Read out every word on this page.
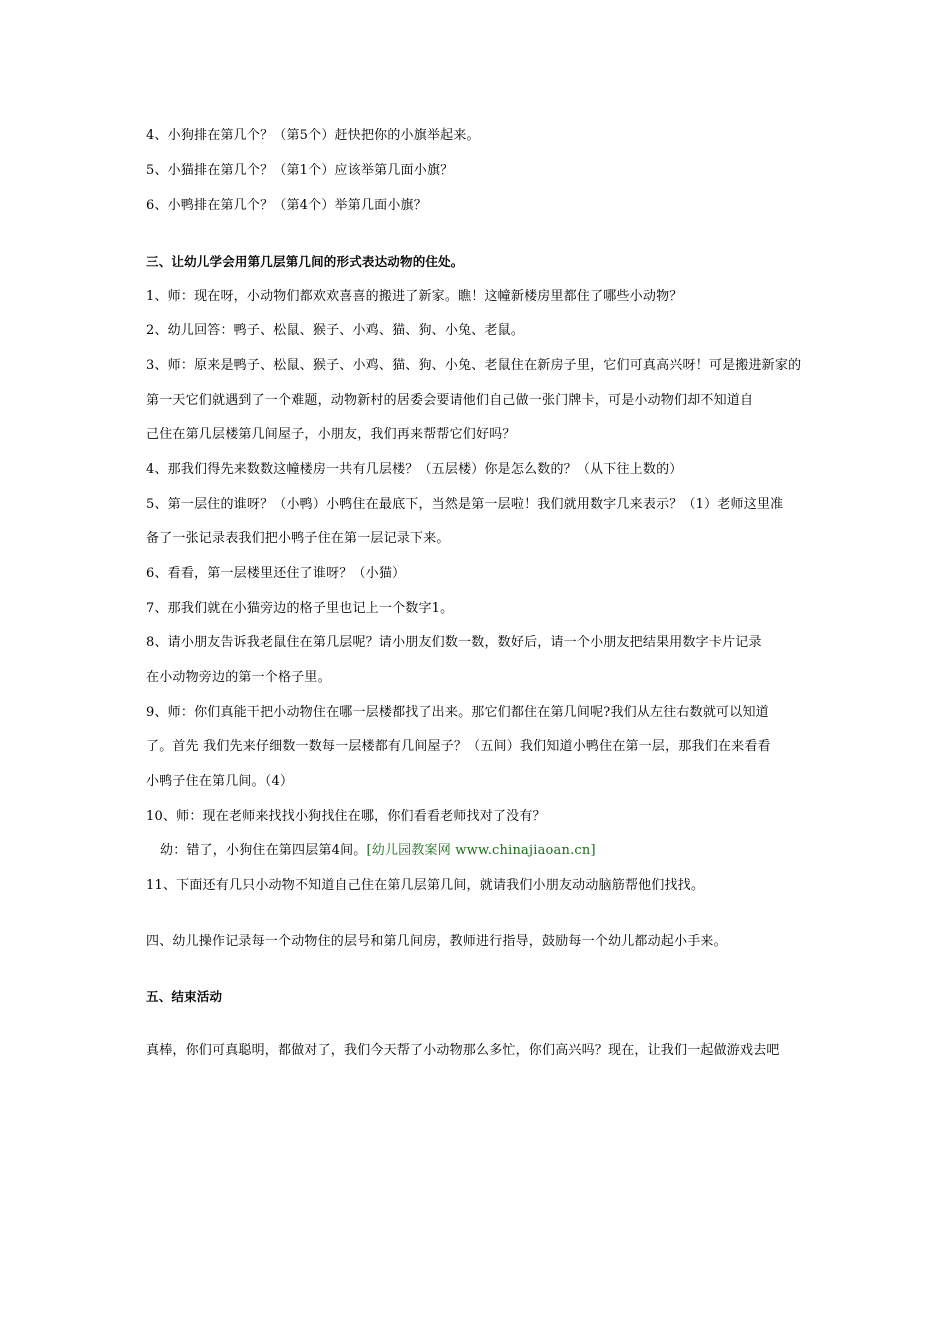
4、小狗排在第几个？（第5个）赶快把你的小旗举起来。
5、小猫排在第几个？（第1个）应该举第几面小旗？
6、小鸭排在第几个？（第4个）举第几面小旗？
三、让幼儿学会用第几层第几间的形式表达动物的住处。
1、师：现在呀，小动物们都欢欢喜喜的搬进了新家。瞧！这幢新楼房里都住了哪些小动物？
2、幼儿回答：鸭子、松鼠、猴子、小鸡、猫、狗、小兔、老鼠。
3、师：原来是鸭子、松鼠、猴子、小鸡、猫、狗、小兔、老鼠住在新房子里，它们可真高兴呀！可是搬进新家的
第一天它们就遇到了一个难题，动物新村的居委会要请他们自己做一张门牌卡，可是小动物们却不知道自
己住在第几层楼第几间屋子，小朋友，我们再来帮帮它们好吗？
4、那我们得先来数数这幢楼房一共有几层楼？（五层楼）你是怎么数的？（从下往上数的）
5、第一层住的谁呀？（小鸭）小鸭住在最底下，当然是第一层啦！我们就用数字几来表示？（1）老师这里准
备了一张记录表我们把小鸭子住在第一层记录下来。
6、看看，第一层楼里还住了谁呀？（小猫）
7、那我们就在小猫旁边的格子里也记上一个数字1。
8、请小朋友告诉我老鼠住在第几层呢？请小朋友们数一数，数好后，请一个小朋友把结果用数字卡片记录
在小动物旁边的第一个格子里。
9、师：你们真能干把小动物住在哪一层楼都找了出来。那它们都住在第几间呢?我们从左往右数就可以知道
了。首先 我们先来仔细数一数每一层楼都有几间屋子？（五间）我们知道小鸭住在第一层，那我们在来看看
小鸭子住在第几间。（4）
10、师：现在老师来找找小狗找住在哪，你们看看老师找对了没有？
幼：错了，小狗住在第四层第4间。[幼儿园教案网 www.chinajiaoan.cn]
11、下面还有几只小动物不知道自己住在第几层第几间，就请我们小朋友动动脑筋帮他们找找。
四、幼儿操作记录每一个动物住的层号和第几间房，教师进行指导，鼓励每一个幼儿都动起小手来。
五、结束活动
真棒，你们可真聪明，都做对了，我们今天帮了小动物那么多忙，你们高兴吗？现在，让我们一起做游戏去吧
